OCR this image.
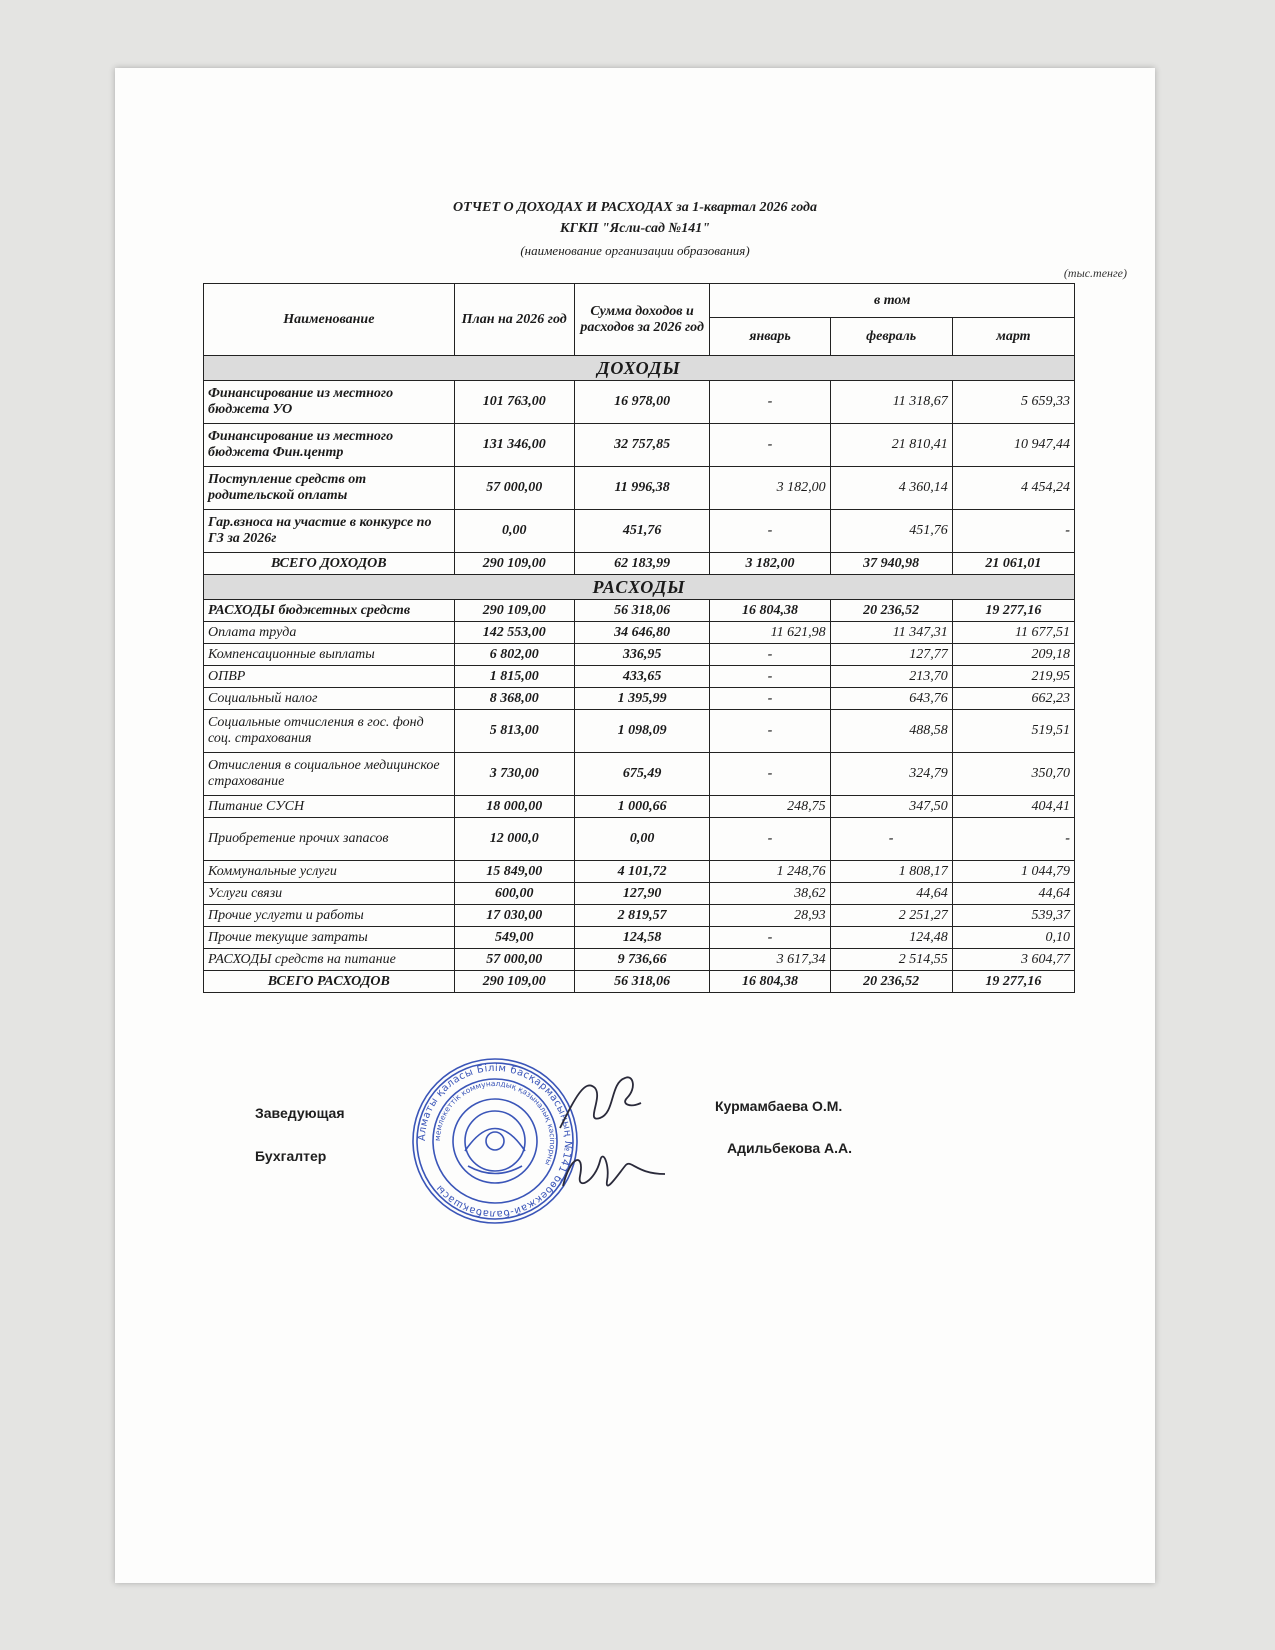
ОТЧЕТ О ДОХОДАХ И РАСХОДАХ за 1-квартал 2026 года
КГКП "Ясли-сад №141"
(наименование организации образования)
(тыс.тенге)
Наименование	План на 2026 год	Сумма доходов и расходов за 2026 год	в том		
			январь	февраль	март
ДОХОДЫ					
Финансирование из местного бюджета УО	101 763,00	16 978,00	-	11 318,67	5 659,33
Финансирование из местного бюджета Фин.центр	131 346,00	32 757,85	-	21 810,41	10 947,44
Поступление средств от родительской оплаты	57 000,00	11 996,38	3 182,00	4 360,14	4 454,24
Гар.взноса на участие в конкурсе по ГЗ за 2026г	0,00	451,76	-	451,76	-
ВСЕГО ДОХОДОВ	290 109,00	62 183,99	3 182,00	37 940,98	21 061,01
РАСХОДЫ					
РАСХОДЫ бюджетных средств	290 109,00	56 318,06	16 804,38	20 236,52	19 277,16
Оплата труда	142 553,00	34 646,80	11 621,98	11 347,31	11 677,51
Компенсационные выплаты	6 802,00	336,95	-	127,77	209,18
ОПВР	1 815,00	433,65	-	213,70	219,95
Социальный налог	8 368,00	1 395,99	-	643,76	662,23
Социальные отчисления в гос. фонд соц. страхования	5 813,00	1 098,09	-	488,58	519,51
Отчисления в социальное медицинское страхование	3 730,00	675,49	-	324,79	350,70
Питание СУСН	18 000,00	1 000,66	248,75	347,50	404,41
Приобретение прочих запасов	12 000,0	0,00	-	-	-
Коммунальные услуги	15 849,00	4 101,72	1 248,76	1 808,17	1 044,79
Услуги связи	600,00	127,90	38,62	44,64	44,64
Прочие услугти и работы	17 030,00	2 819,57	28,93	2 251,27	539,37
Прочие текущие затраты	549,00	124,58	-	124,48	0,10
РАСХОДЫ средств на питание	57 000,00	9 736,66	3 617,34	2 514,55	3 604,77
ВСЕГО РАСХОДОВ	290 109,00	56 318,06	16 804,38	20 236,52	19 277,16
Заведующая	Курмамбаева О.М.
Бухгалтер	Адильбекова А.А.
Алматы қаласы Білім басқармасының №141 бөбекжай-балабақшасы
мемлекеттік коммуналдық қазыналық кәсіпорны
